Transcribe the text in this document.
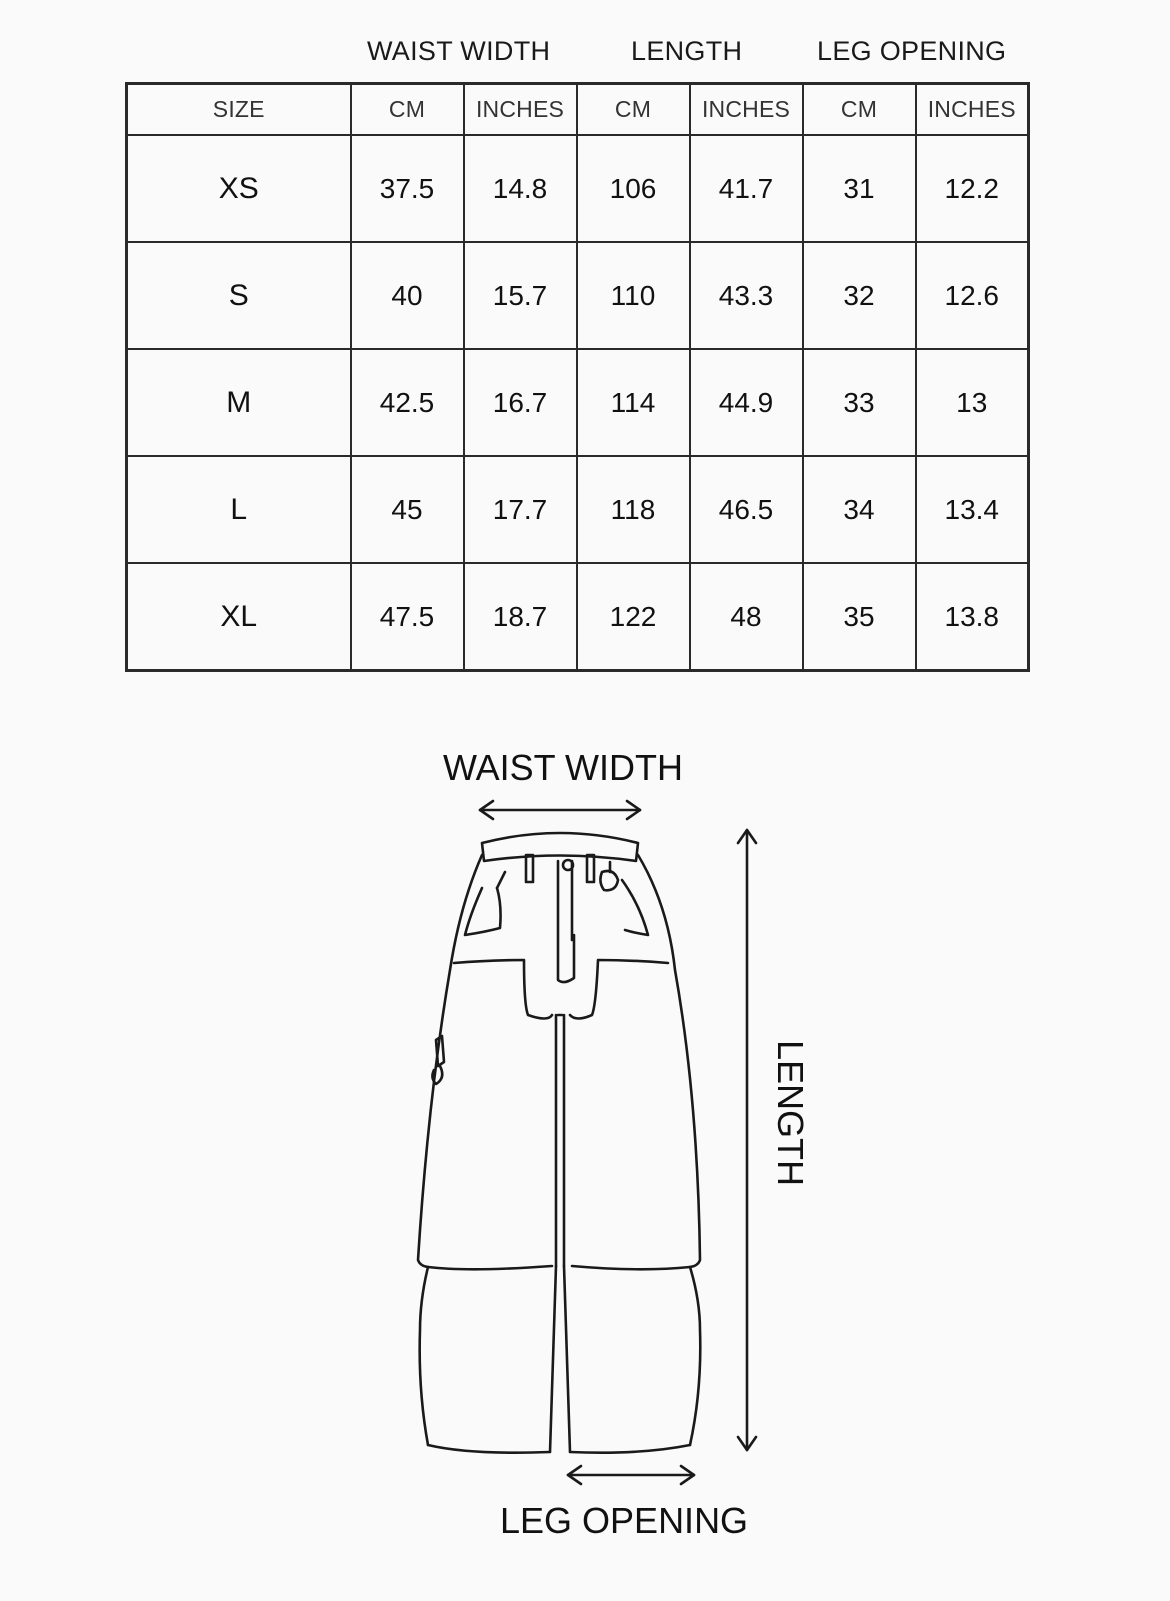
WAIST WIDTH	LENGTH	LEG OPENING
SIZE	CM	INCHES	CM	INCHES	CM	INCHES
XS	37.5	14.8	106	41.7	31	12.2
S	40	15.7	110	43.3	32	12.6
M	42.5	16.7	114	44.9	33	13
L	45	17.7	118	46.5	34	13.4
XL	47.5	18.7	122	48	35	13.8
WAIST WIDTH
LENGTH
LEG OPENING
